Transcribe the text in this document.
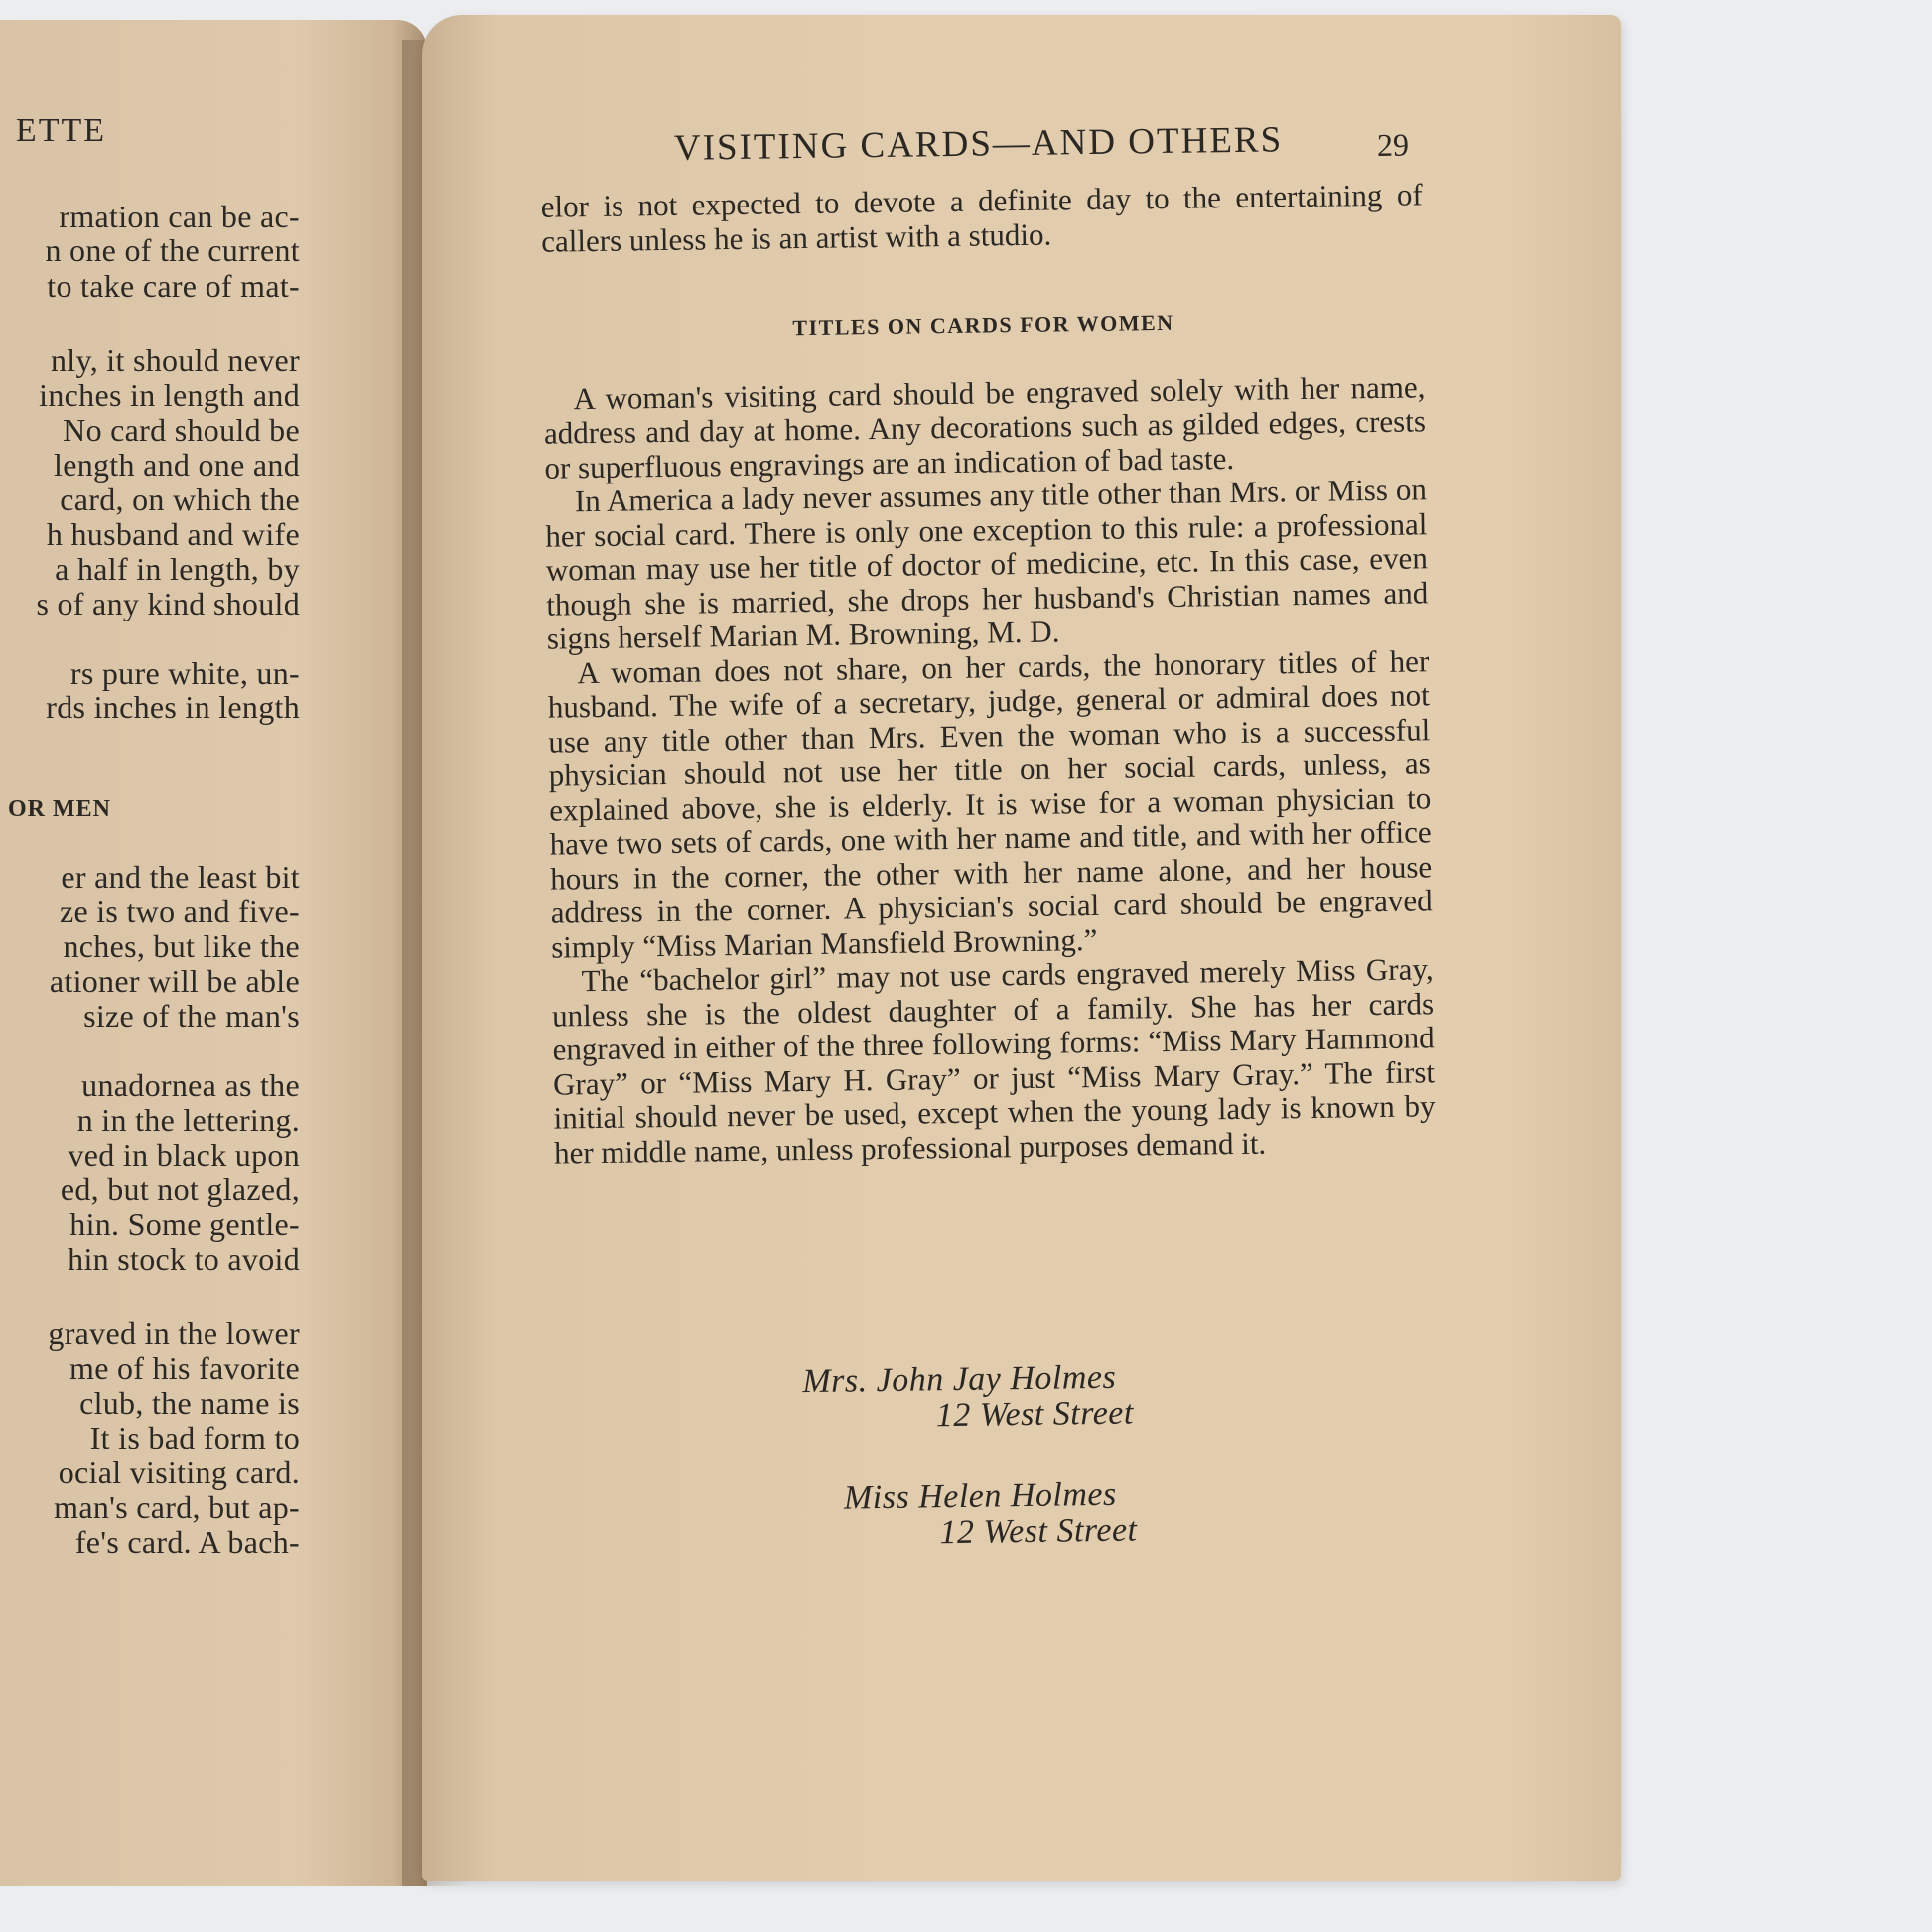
ETTE
OR MEN
rmation can be ac-
n one of the current
to take care of mat-
nly, it should never
inches in length and
No card should be
length and one and
card, on which the
h husband and wife
a half in length, by
s of any kind should
rs pure white, un-
rds inches in length
er and the least bit
ze is two and five-
nches, but like the
ationer will be able
size of the man's
unadornea as the
n in the lettering.
ved in black upon
ed, but not glazed,
hin. Some gentle-
hin stock to avoid
graved in the lower
me of his favorite
club, the name is
It is bad form to
ocial visiting card.
man's card, but ap-
fe's card. A bach-
VISITING CARDS—AND OTHERS	29

elor is not expected to devote a definite day to the entertaining of callers unless he is an artist with a studio.

TITLES ON CARDS FOR WOMEN

A woman's visiting card should be engraved solely with her name, address and day at home. Any decorations such as gilded edges, crests or superfluous engravings are an indication of bad taste.

In America a lady never assumes any title other than Mrs. or Miss on her social card. There is only one exception to this rule: a professional woman may use her title of doctor of medicine, etc. In this case, even though she is married, she drops her husband's Christian names and signs herself Marian M. Browning, M. D.

A woman does not share, on her cards, the honorary titles of her husband. The wife of a secretary, judge, general or admiral does not use any title other than Mrs. Even the woman who is a successful physician should not use her title on her social cards, unless, as explained above, she is elderly. It is wise for a woman physician to have two sets of cards, one with her name and title, and with her office hours in the corner, the other with her name alone, and her house address in the corner. A physician's social card should be engraved simply “Miss Marian Mansfield Browning.”

The “bachelor girl” may not use cards engraved merely Miss Gray, unless she is the oldest daughter of a family. She has her cards engraved in either of the three following forms: “Miss Mary Hammond Gray” or “Miss Mary H. Gray” or just “Miss Mary Gray.” The first initial should never be used, except when the young lady is known by her middle name, unless professional purposes demand it.

Mrs. John Jay Holmes
12 West Street
Miss Helen Holmes
12 West Street
